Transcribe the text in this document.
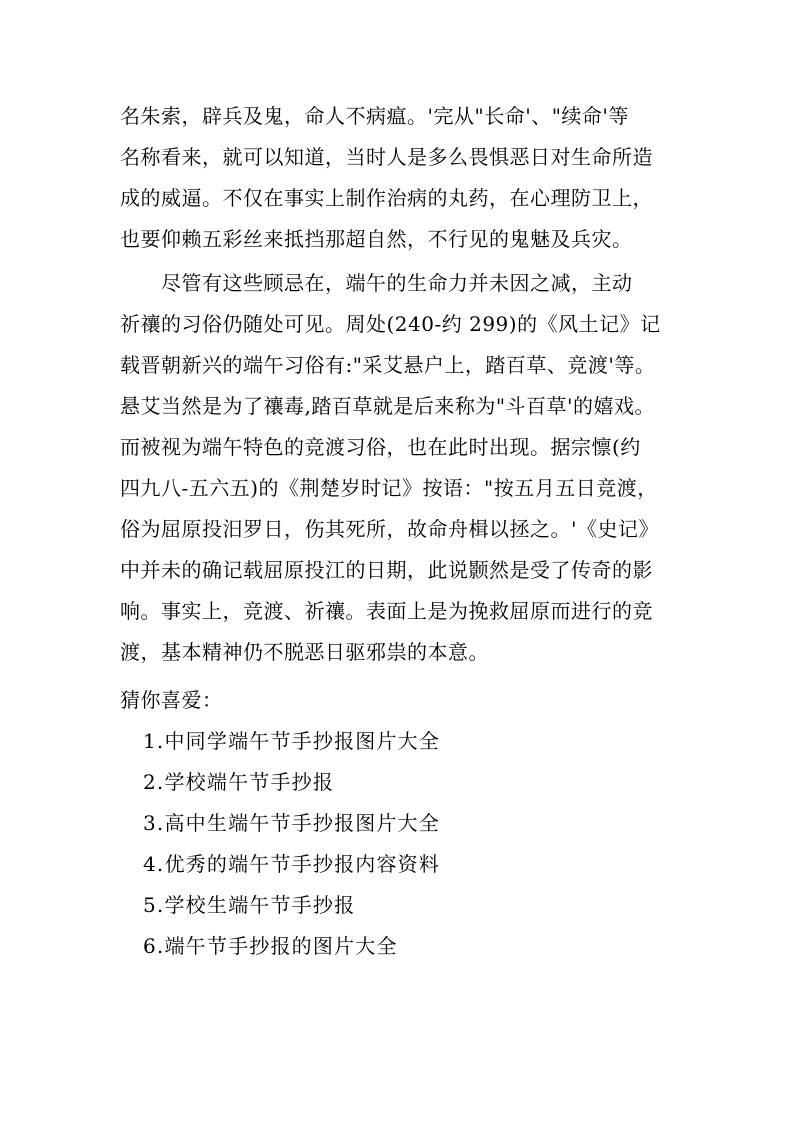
名朱索，辟兵及鬼，命人不病瘟。'完从"长命'、"续命'等
名称看来，就可以知道，当时人是多么畏惧恶日对生命所造
成的威逼。不仅在事实上制作治病的丸药，在心理防卫上，
也要仰赖五彩丝来抵挡那超自然，不行见的鬼魅及兵灾。
　　尽管有这些顾忌在，端午的生命力并未因之减，主动
祈禳的习俗仍随处可见。周处(240-约 299)的《风土记》记
载晋朝新兴的端午习俗有:"采艾悬户上，踏百草、竞渡'等。
悬艾当然是为了禳毒,踏百草就是后来称为"斗百草'的嬉戏。
而被视为端午特色的竞渡习俗，也在此时出现。据宗懔(约
四九八-五六五)的《荆楚岁时记》按语："按五月五日竞渡，
俗为屈原投汨罗日，伤其死所，故命舟楫以拯之。'《史记》
中并未的确记载屈原投江的日期，此说颢然是受了传奇的影
响。事实上，竞渡、祈禳。表面上是为挽救屈原而进行的竞
渡，基本精神仍不脱恶日驱邪祟的本意。
猜你喜爱：
1.中同学端午节手抄报图片大全
2.学校端午节手抄报
3.高中生端午节手抄报图片大全
4.优秀的端午节手抄报内容资料
5.学校生端午节手抄报
6.端午节手抄报的图片大全
